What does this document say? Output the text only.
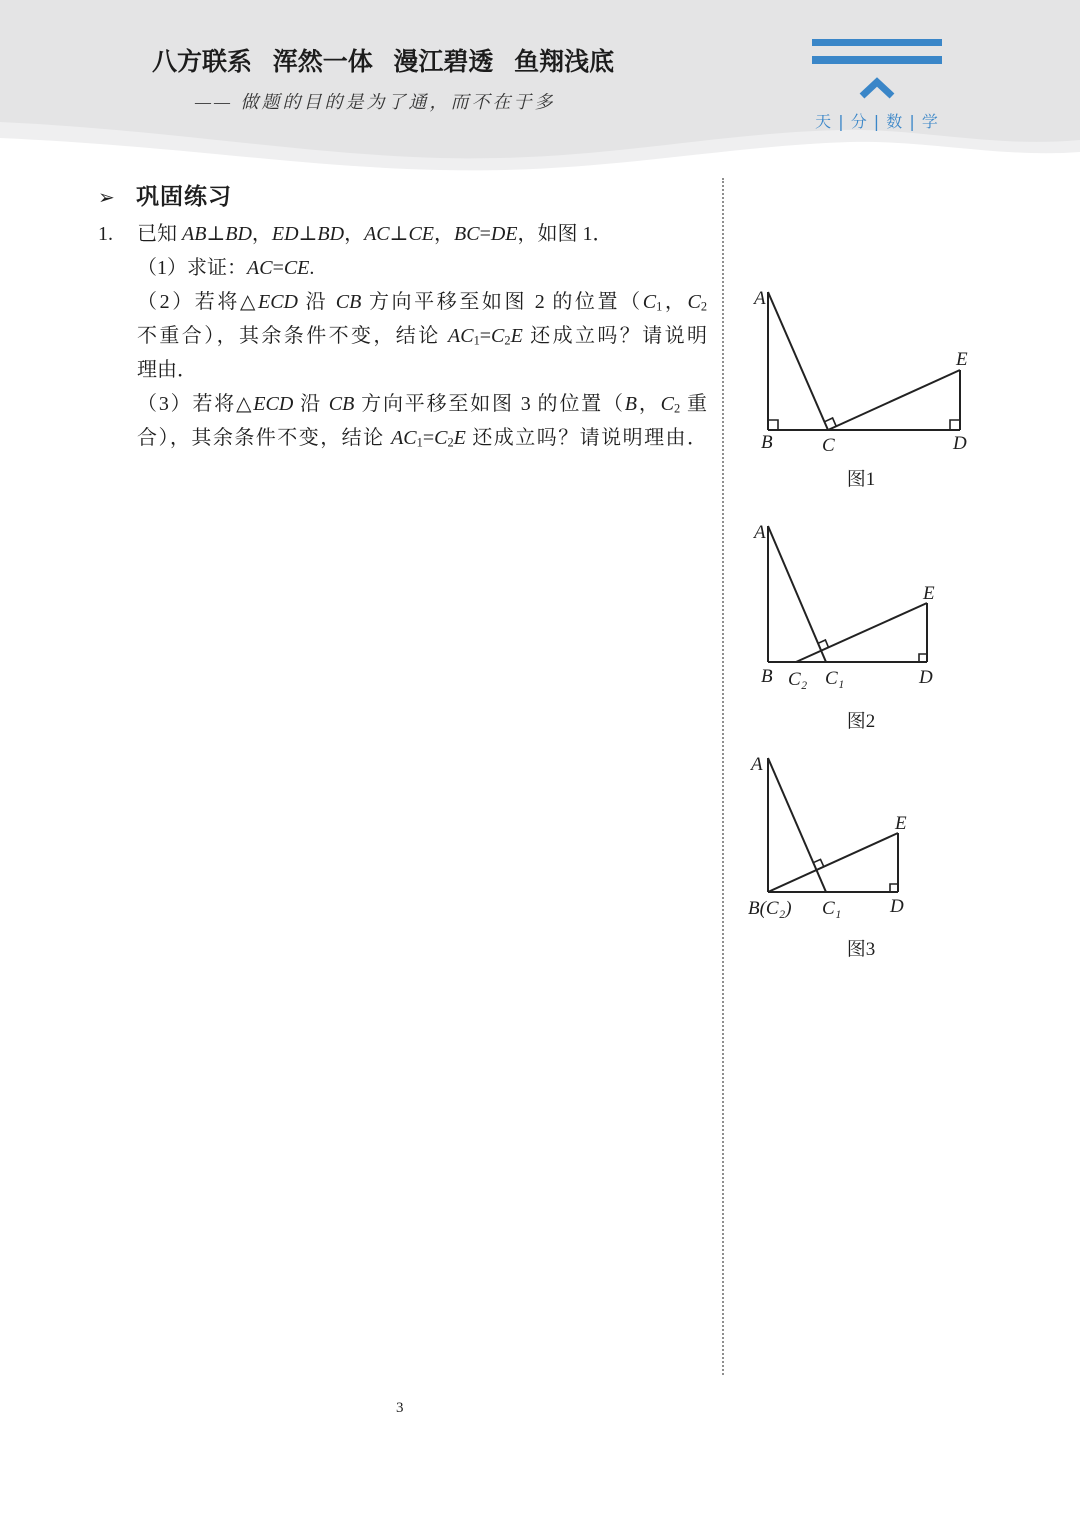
八方联系 浑然一体 漫江碧透 鱼翔浅底
—— 做题的目的是为了通，而不在于多
天 | 分 | 数 | 学
➢ 巩固练习
1. 已知 AB⊥BD，ED⊥BD，AC⊥CE，BC=DE，如图 1．
（1）求证：AC=CE.
（2）若将△ECD 沿 CB 方向平移至如图 2 的位置（$C_1$，$C_2$
不重合），其余条件不变，结论 $AC_1=C_2E$ 还成立吗？请说明
理由．
（3）若将△ECD 沿 CB 方向平移至如图 3 的位置（B，$C_2$ 重
合），其余条件不变，结论 $AC_1=C_2E$ 还成立吗？请说明理由．
A
B	C	D
E
图1
A
E
B C₂ C₁	D
图2
A
E
B(C₂) C₁	D
图3
3
